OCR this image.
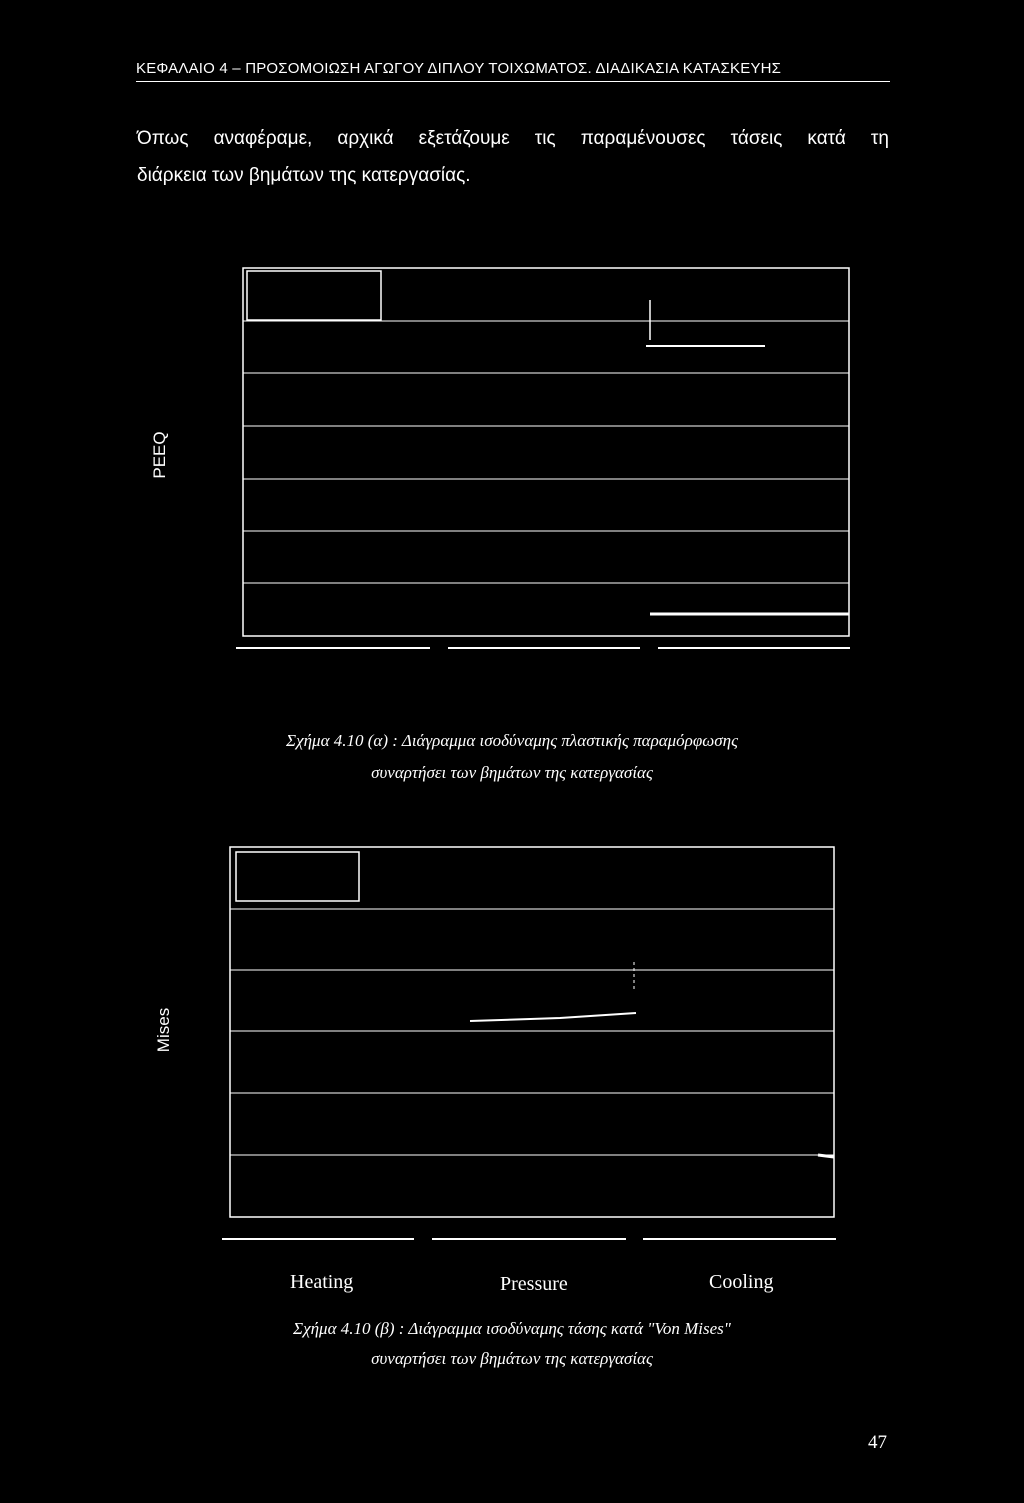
ΚΕΦΑΛΑΙΟ 4 – ΠΡΟΣΟΜΟΙΩΣΗ ΑΓΩΓΟΥ ΔΙΠΛΟΥ ΤΟΙΧΩΜΑΤΟΣ. ΔΙΑΔΙΚΑΣΙΑ ΚΑΤΑΣΚΕΥΗΣ
Όπως αναφέραμε, αρχικά εξετάζουμε τις παραμένουσες τάσεις κατά τη
διάρκεια των βημάτων της κατεργασίας.
PEEQ
Σχήμα 4.10 (α) : Διάγραμμα ισοδύναμης πλαστικής παραμόρφωσης
συναρτήσει των βημάτων της κατεργασίας
Mises
Heating	Pressure	Cooling
Σχήμα 4.10 (β) : Διάγραμμα ισοδύναμης τάσης κατά "Von Mises"
συναρτήσει των βημάτων της κατεργασίας
47
